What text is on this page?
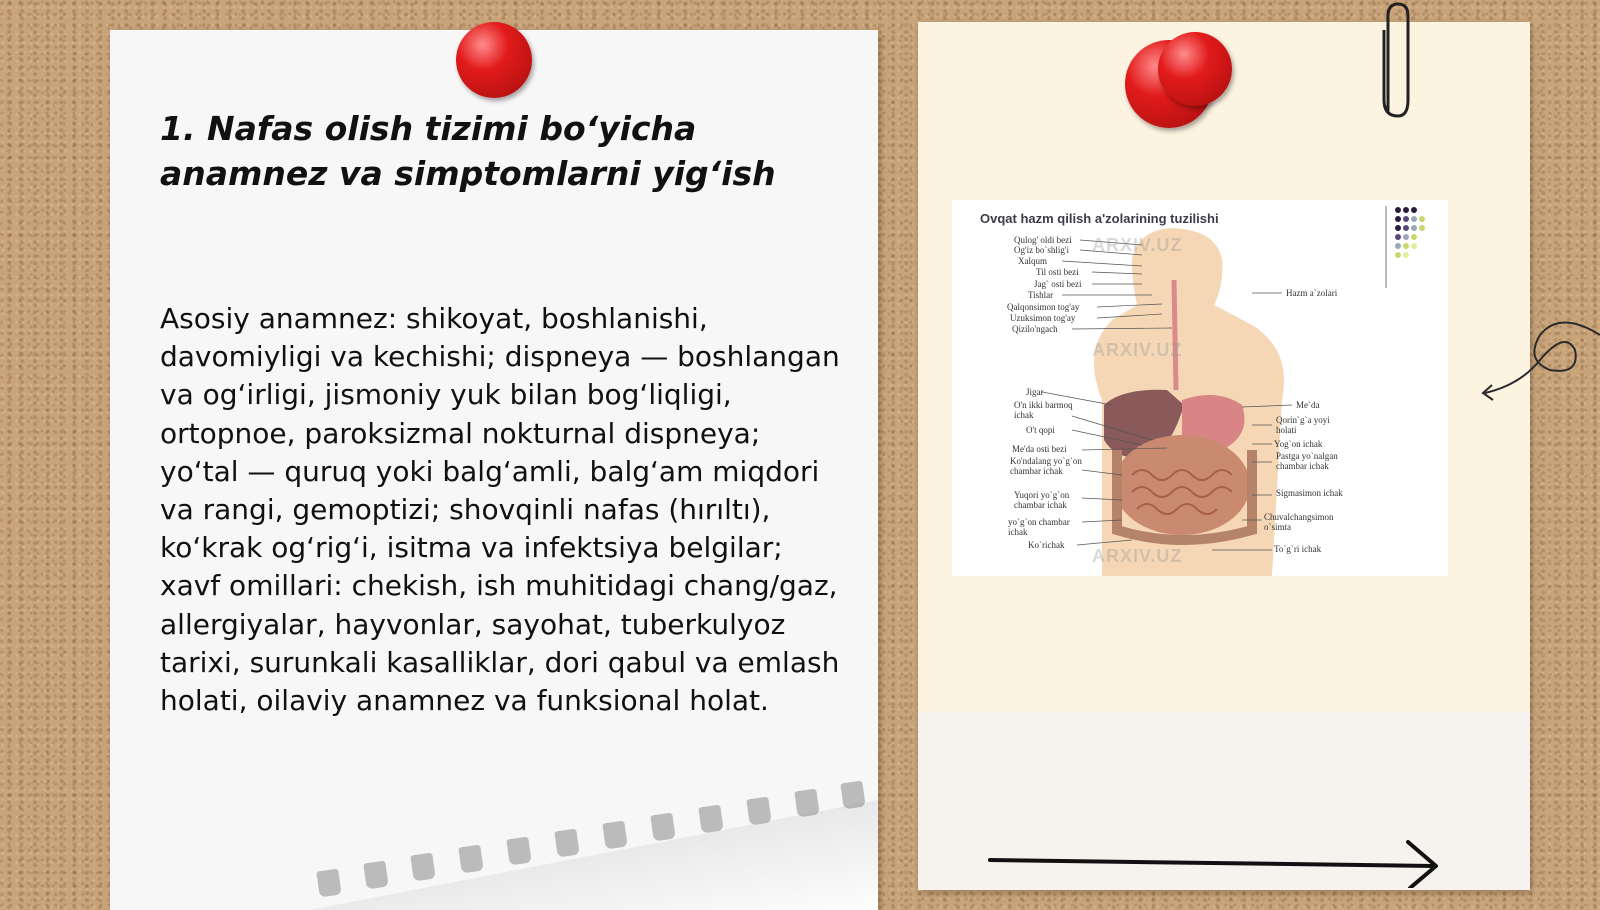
1. Nafas olish tizimi bo‘yicha anamnez va simptomlarni yig‘ish

Asosiy anamnez: shikoyat, boshlanishi, davomiyligi va kechishi; dispneya — boshlangan va og‘irligi, jismoniy yuk bilan bog‘liqligi, ortopnoe, paroksizmal nokturnal dispneya; yo‘tal — quruq yoki balg‘amli, balg‘am miqdori va rangi, gemoptizi; shovqinli nafas (hırıltı), ko‘krak og‘rig‘i, isitma va infektsiya belgilar; xavf omillari: chekish, ish muhitidagi chang/gaz, allergiyalar, hayvonlar, sayohat, tuberkulyoz tarixi, surunkali kasalliklar, dori qabul va emlash holati, oilaviy anamnez va funksional holat.

Ovqat hazm qilish a'zolarining tuzilishi
ARXIV.UZ
ARXIV.UZ
ARXIV.UZ
Qulog' oldi bezi
Og'iz bo`shlig'i
Xalqum
Til osti bezi
Jag` osti bezi
Tishlar
Qalqonsimon tog'ay
Uzuksimon tog'ay
Qizilo'ngach
Jigar
O'n ikki barmoq ichak
O't qopi
Me'da osti bezi
Ko'ndalang yo`g`on chambar ichak
Yuqori yo`g`on chambar ichak
yo`g`on chambar ichak
Ko`richak
Hazm a`zolari
Me`da
Qorin`g`a yoyi holati
Yog`on ichak
Pastga yo`nalgan chambar ichak
Sigmasimon ichak
Chuvalchangsimon o`simta
To`g`ri ichak
